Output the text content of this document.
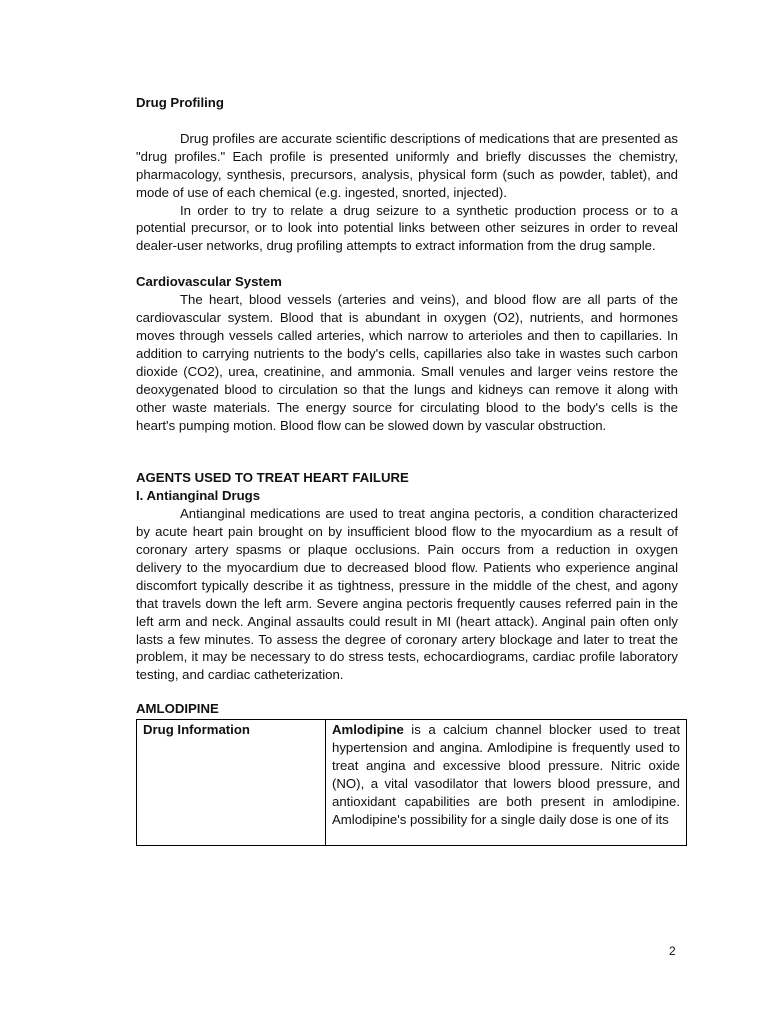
Drug Profiling

Drug profiles are accurate scientific descriptions of medications that are presented as "drug profiles." Each profile is presented uniformly and briefly discusses the chemistry, pharmacology, synthesis, precursors, analysis, physical form (such as powder, tablet), and mode of use of each chemical (e.g. ingested, snorted, injected).

In order to try to relate a drug seizure to a synthetic production process or to a potential precursor, or to look into potential links between other seizures in order to reveal dealer-user networks, drug profiling attempts to extract information from the drug sample.

Cardiovascular System

The heart, blood vessels (arteries and veins), and blood flow are all parts of the cardiovascular system. Blood that is abundant in oxygen (O2), nutrients, and hormones moves through vessels called arteries, which narrow to arterioles and then to capillaries. In addition to carrying nutrients to the body's cells, capillaries also take in wastes such carbon dioxide (CO2), urea, creatinine, and ammonia. Small venules and larger veins restore the deoxygenated blood to circulation so that the lungs and kidneys can remove it along with other waste materials. The energy source for circulating blood to the body's cells is the heart's pumping motion. Blood flow can be slowed down by vascular obstruction.

AGENTS USED TO TREAT HEART FAILURE
I. Antianginal Drugs

Antianginal medications are used to treat angina pectoris, a condition characterized by acute heart pain brought on by insufficient blood flow to the myocardium as a result of coronary artery spasms or plaque occlusions. Pain occurs from a reduction in oxygen delivery to the myocardium due to decreased blood flow. Patients who experience anginal discomfort typically describe it as tightness, pressure in the middle of the chest, and agony that travels down the left arm. Severe angina pectoris frequently causes referred pain in the left arm and neck. Anginal assaults could result in MI (heart attack). Anginal pain often only lasts a few minutes. To assess the degree of coronary artery blockage and later to treat the problem, it may be necessary to do stress tests, echocardiograms, cardiac profile laboratory testing, and cardiac catheterization.

AMLODIPINE
Drug Information	Amlodipine is a calcium channel blocker used to treat hypertension and angina. Amlodipine is frequently used to treat angina and excessive blood pressure. Nitric oxide (NO), a vital vasodilator that lowers blood pressure, and antioxidant capabilities are both present in amlodipine. Amlodipine's possibility for a single daily dose is one of its
2
